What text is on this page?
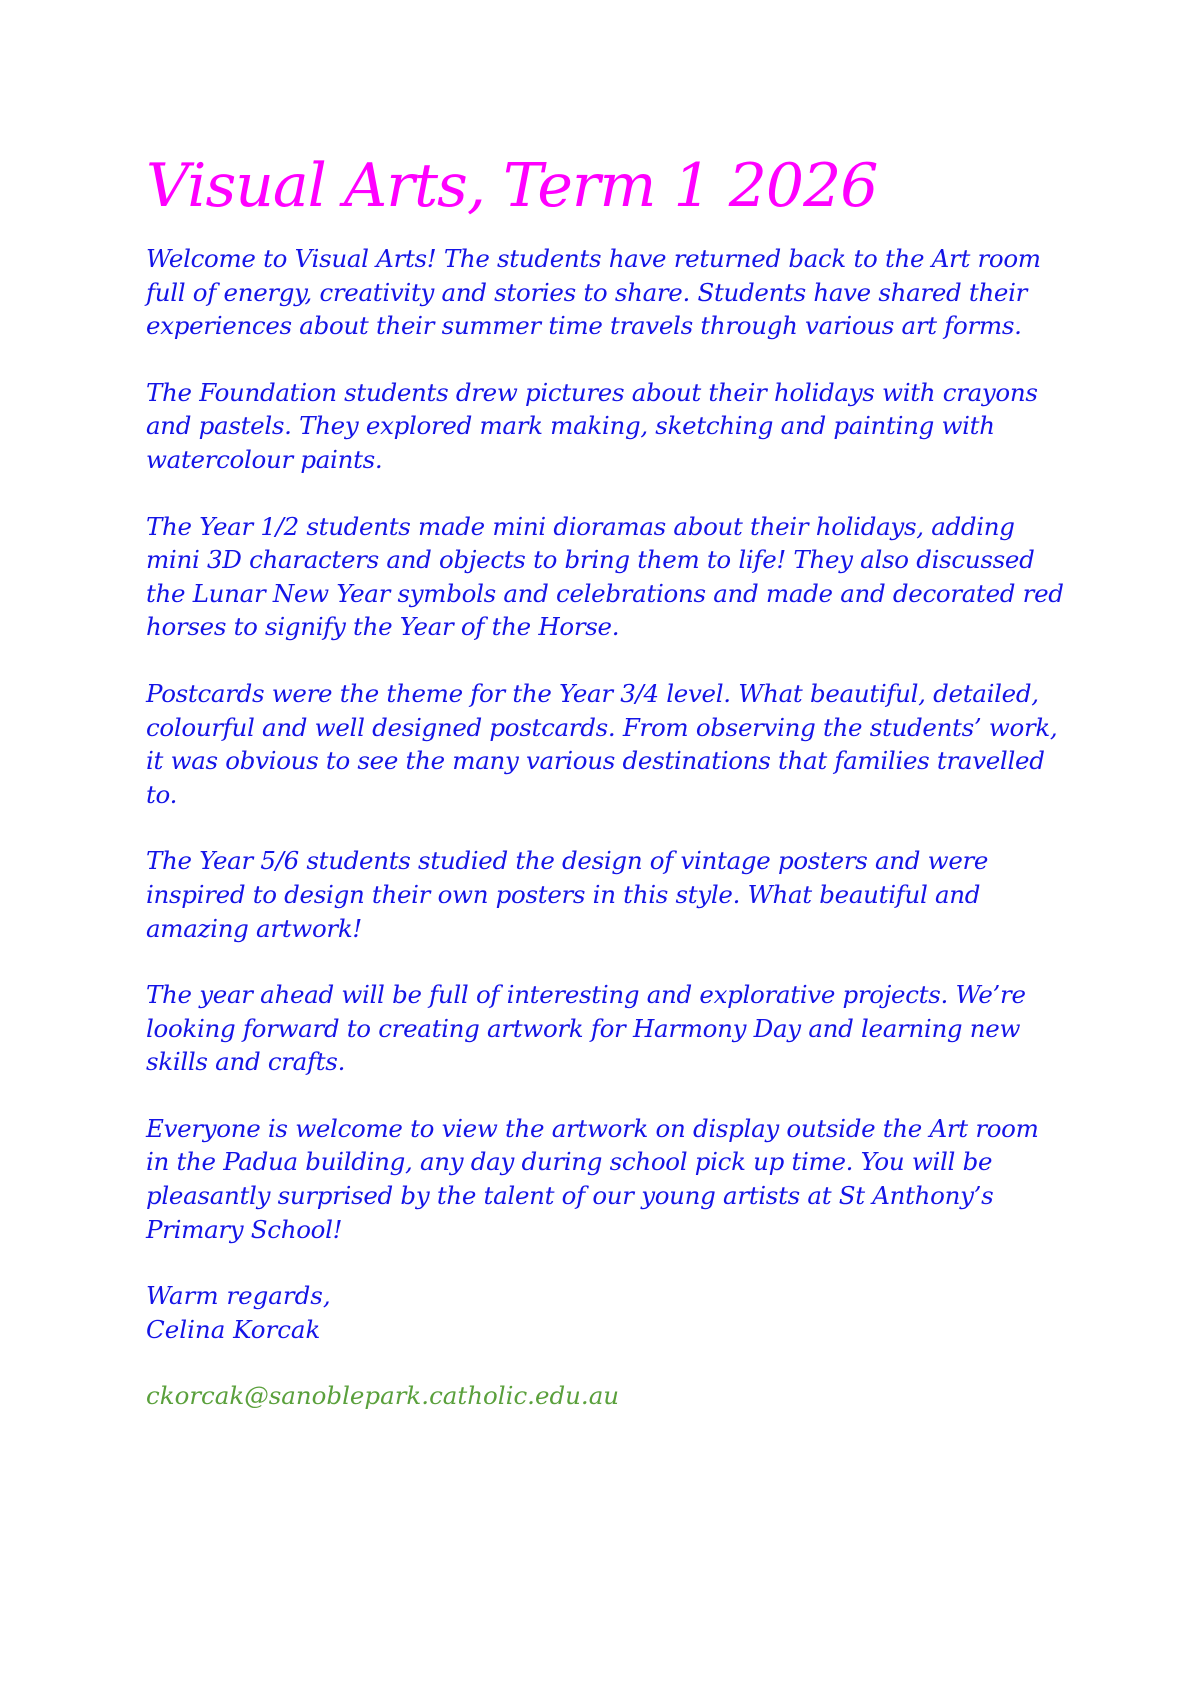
Visual Arts, Term 1 2026

Welcome to Visual Arts! The students have returned back to the Art room full of energy, creativity and stories to share. Students have shared their experiences about their summer time travels through various art forms.

The Foundation students drew pictures about their holidays with crayons and pastels. They explored mark making, sketching and painting with watercolour paints.

The Year 1/2 students made mini dioramas about their holidays, adding mini 3D characters and objects to bring them to life! They also discussed the Lunar New Year symbols and celebrations and made and decorated red horses to signify the Year of the Horse.

Postcards were the theme for the Year 3/4 level. What beautiful, detailed, colourful and well designed postcards. From observing the students’ work, it was obvious to see the many various destinations that families travelled to.

The Year 5/6 students studied the design of vintage posters and were inspired to design their own posters in this style. What beautiful and amazing artwork!

The year ahead will be full of interesting and explorative projects. We’re looking forward to creating artwork for Harmony Day and learning new skills and crafts.

Everyone is welcome to view the artwork on display outside the Art room in the Padua building, any day during school pick up time. You will be pleasantly surprised by the talent of our young artists at St Anthony’s Primary School!

Warm regards,
Celina Korcak
ckorcak@sanoblepark.catholic.edu.au
